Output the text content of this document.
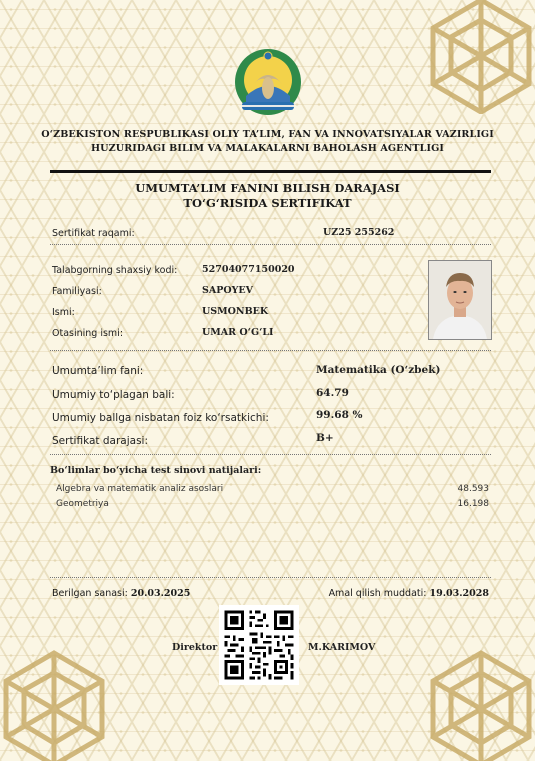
O‘ZBEKISTON RESPUBLIKASI OLIY TA’LIM, FAN VA INNOVATSIYALAR VAZIRLIGI
HUZURIDAGI BILIM VA MALAKALARNI BAHOLASH AGENTLIGI
UMUMTA’LIM FANINI BILISH DARAJASI
TO‘G‘RISIDA SERTIFIKAT
Sertifikat raqami:	UZ25 255262
Talabgorning shaxsiy kodi:	52704077150020
Familiyasi:	SAPOYEV
Ismi:	USMONBEK
Otasining ismi:	UMAR O‘G‘LI
Umumta’lim fani:	Matematika (O‘zbek)
Umumiy to‘plagan bali:	64.79
Umumiy ballga nisbatan foiz ko‘rsatkichi:	99.68 %
Sertifikat darajasi:	B+
Bo‘limlar bo‘yicha test sinovi natijalari:
Algebra va matematik analiz asoslari	48.593
Geometriya	16.198
Berilgan sanasi: 20.03.2025	Amal qilish muddati: 19.03.2028
Direktor	M.KARIMOV
